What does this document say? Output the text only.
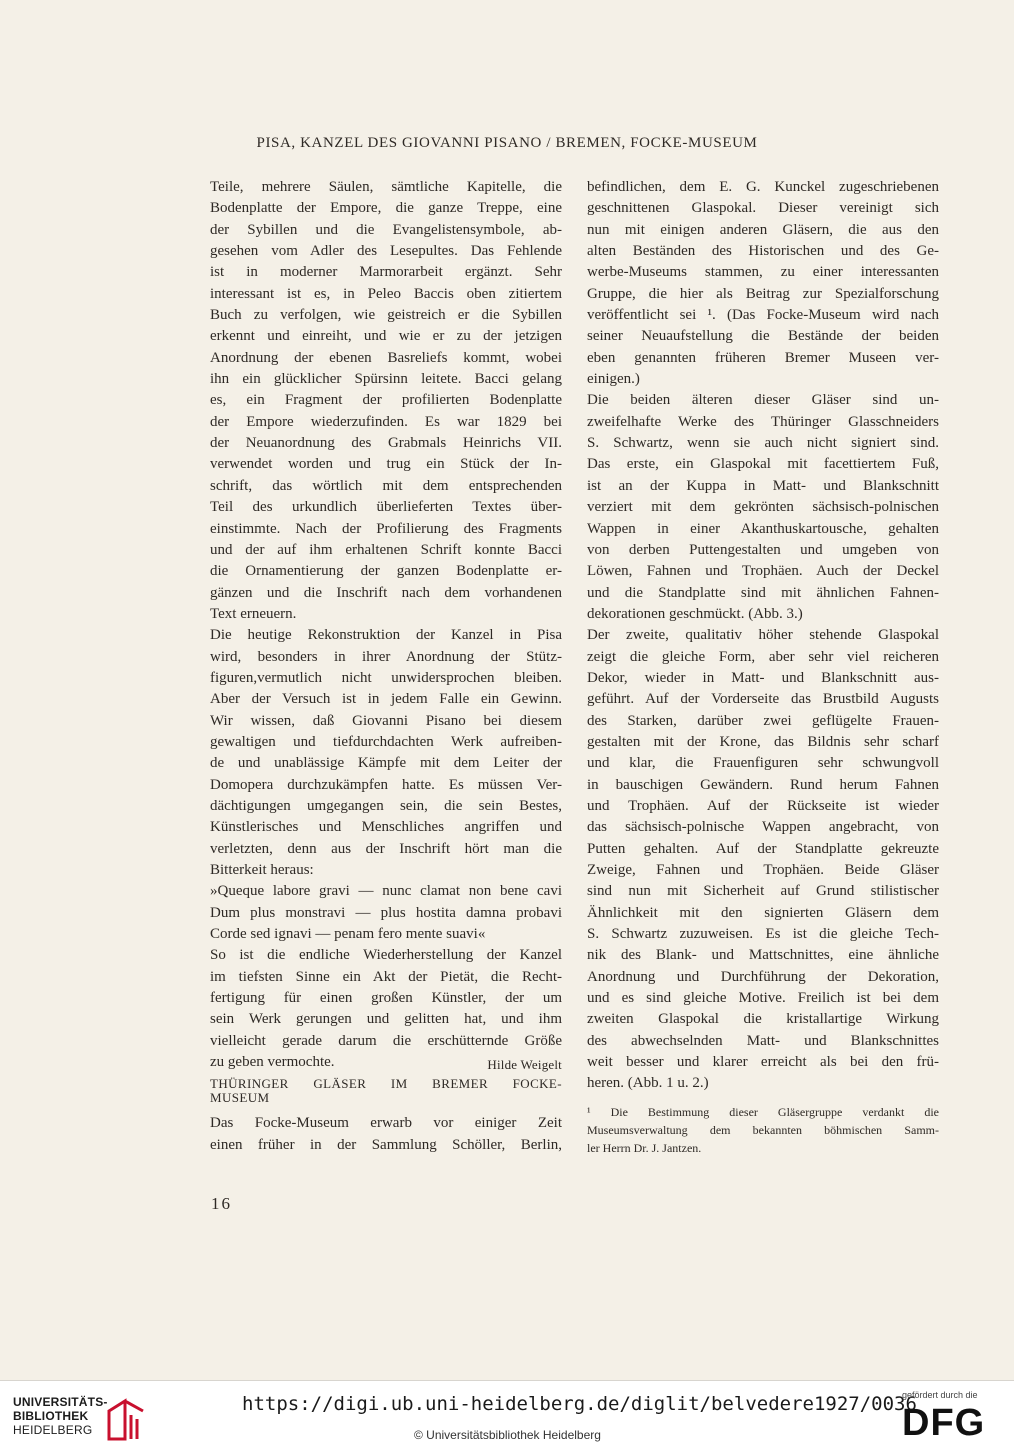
PISA, KANZEL DES GIOVANNI PISANO / BREMEN, FOCKE-MUSEUM
Teile, mehrere Säulen, sämtliche Kapitelle, die
Bodenplatte der Empore, die ganze Treppe, eine
der Sybillen und die Evangelistensymbole, ab-
gesehen vom Adler des Lesepultes. Das Fehlende
ist in moderner Marmorarbeit ergänzt. Sehr
interessant ist es, in Peleo Baccis oben zitiertem
Buch zu verfolgen, wie geistreich er die Sybillen
erkennt und einreiht, und wie er zu der jetzigen
Anordnung der ebenen Basreliefs kommt, wobei
ihn ein glücklicher Spürsinn leitete. Bacci gelang
es, ein Fragment der profilierten Bodenplatte
der Empore wiederzufinden. Es war 1829 bei
der Neuanordnung des Grabmals Heinrichs VII.
verwendet worden und trug ein Stück der In-
schrift, das wörtlich mit dem entsprechenden
Teil des urkundlich überlieferten Textes über-
einstimmte. Nach der Profilierung des Fragments
und der auf ihm erhaltenen Schrift konnte Bacci
die Ornamentierung der ganzen Bodenplatte er-
gänzen und die Inschrift nach dem vorhandenen
Text erneuern.
Die heutige Rekonstruktion der Kanzel in Pisa
wird, besonders in ihrer Anordnung der Stütz-
figuren,vermutlich nicht unwidersprochen bleiben.
Aber der Versuch ist in jedem Falle ein Gewinn.
Wir wissen, daß Giovanni Pisano bei diesem
gewaltigen und tiefdurchdachten Werk aufreiben-
de und unablässige Kämpfe mit dem Leiter der
Domopera durchzukämpfen hatte. Es müssen Ver-
dächtigungen umgegangen sein, die sein Bestes,
Künstlerisches und Menschliches angriffen und
verletzten, denn aus der Inschrift hört man die
Bitterkeit heraus:
»Queque labore gravi — nunc clamat non bene cavi
Dum plus monstravi — plus hostita damna probavi
Corde sed ignavi — penam fero mente suavi«
So ist die endliche Wiederherstellung der Kanzel
im tiefsten Sinne ein Akt der Pietät, die Recht-
fertigung für einen großen Künstler, der um
sein Werk gerungen und gelitten hat, und ihm
vielleicht gerade darum die erschütternde Größe
zu geben vermochte.	Hilde Weigelt
THÜRINGER GLÄSER IM BREMER FOCKE-
MUSEUM
Das Focke-Museum erwarb vor einiger Zeit
einen früher in der Sammlung Schöller, Berlin,
befindlichen, dem E. G. Kunckel zugeschriebenen
geschnittenen Glaspokal. Dieser vereinigt sich
nun mit einigen anderen Gläsern, die aus den
alten Beständen des Historischen und des Ge-
werbe-Museums stammen, zu einer interessanten
Gruppe, die hier als Beitrag zur Spezialforschung
veröffentlicht sei ¹. (Das Focke-Museum wird nach
seiner Neuaufstellung die Bestände der beiden
eben genannten früheren Bremer Museen ver-
einigen.)
Die beiden älteren dieser Gläser sind un-
zweifelhafte Werke des Thüringer Glasschneiders
S. Schwartz, wenn sie auch nicht signiert sind.
Das erste, ein Glaspokal mit facettiertem Fuß,
ist an der Kuppa in Matt- und Blankschnitt
verziert mit dem gekrönten sächsisch-polnischen
Wappen in einer Akanthuskartousche, gehalten
von derben Puttengestalten und umgeben von
Löwen, Fahnen und Trophäen. Auch der Deckel
und die Standplatte sind mit ähnlichen Fahnen-
dekorationen geschmückt. (Abb. 3.)
Der zweite, qualitativ höher stehende Glaspokal
zeigt die gleiche Form, aber sehr viel reicheren
Dekor, wieder in Matt- und Blankschnitt aus-
geführt. Auf der Vorderseite das Brustbild Augusts
des Starken, darüber zwei geflügelte Frauen-
gestalten mit der Krone, das Bildnis sehr scharf
und klar, die Frauenfiguren sehr schwungvoll
in bauschigen Gewändern. Rund herum Fahnen
und Trophäen. Auf der Rückseite ist wieder
das sächsisch-polnische Wappen angebracht, von
Putten gehalten. Auf der Standplatte gekreuzte
Zweige, Fahnen und Trophäen. Beide Gläser
sind nun mit Sicherheit auf Grund stilistischer
Ähnlichkeit mit den signierten Gläsern dem
S. Schwartz zuzuweisen. Es ist die gleiche Tech-
nik des Blank- und Mattschnittes, eine ähnliche
Anordnung und Durchführung der Dekoration,
und es sind gleiche Motive. Freilich ist bei dem
zweiten Glaspokal die kristallartige Wirkung
des abwechselnden Matt- und Blankschnittes
weit besser und klarer erreicht als bei den frü-
heren. (Abb. 1 u. 2.)
¹ Die Bestimmung dieser Gläsergruppe verdankt die
Museumsverwaltung dem bekannten böhmischen Samm-
ler Herrn Dr. J. Jantzen.
16
UNIVERSITÄTS-
BIBLIOTHEK
HEIDELBERG
https://digi.ub.uni-heidelberg.de/diglit/belvedere1927/0036
© Universitätsbibliothek Heidelberg
gefördert durch die
DFG
